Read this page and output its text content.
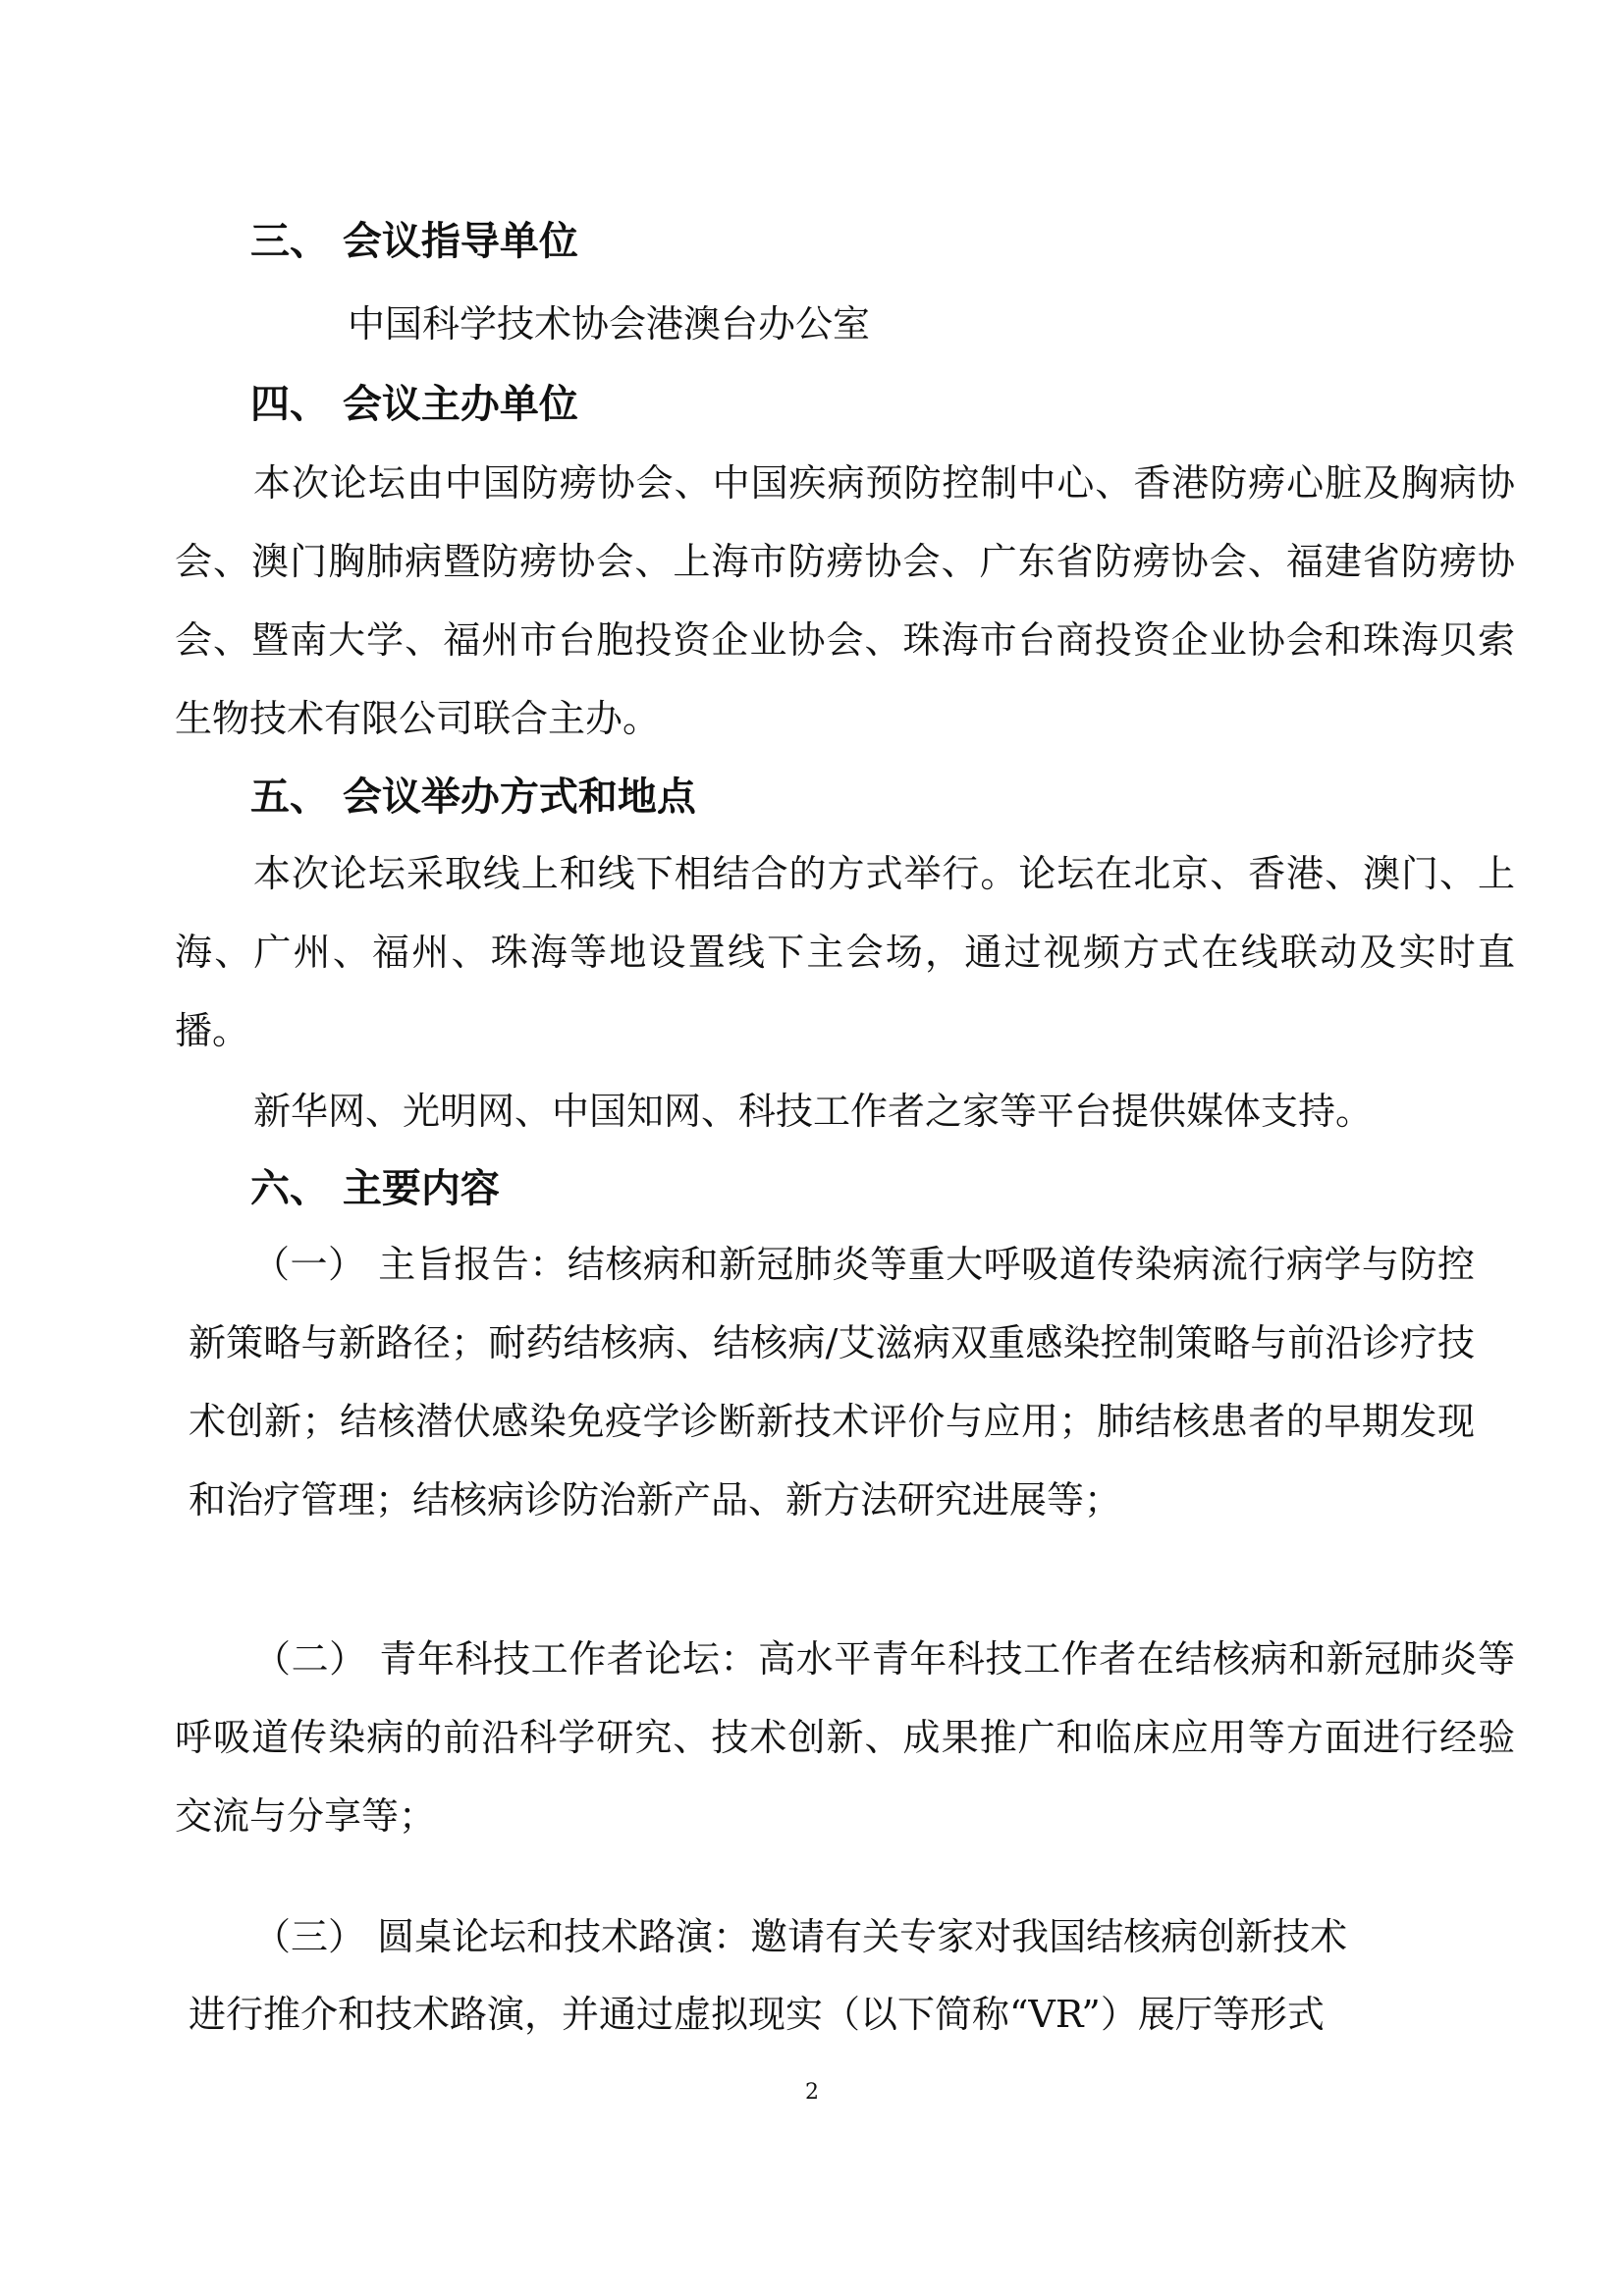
三、 会议指导单位
中国科学技术协会港澳台办公室
四、 会议主办单位
本次论坛由中国防痨协会、中国疾病预防控制中心、香港防痨心脏及胸病协会、澳门胸肺病暨防痨协会、上海市防痨协会、广东省防痨协会、福建省防痨协会、暨南大学、福州市台胞投资企业协会、珠海市台商投资企业协会和珠海贝索生物技术有限公司联合主办。
五、 会议举办方式和地点
本次论坛采取线上和线下相结合的方式举行。论坛在北京、香港、澳门、上海、广州、福州、珠海等地设置线下主会场，通过视频方式在线联动及实时直播。
新华网、光明网、中国知网、科技工作者之家等平台提供媒体支持。
六、 主要内容
（一） 主旨报告：结核病和新冠肺炎等重大呼吸道传染病流行病学与防控新策略与新路径；耐药结核病、结核病/艾滋病双重感染控制策略与前沿诊疗技术创新；结核潜伏感染免疫学诊断新技术评价与应用；肺结核患者的早期发现和治疗管理；结核病诊防治新产品、新方法研究进展等；
（二） 青年科技工作者论坛：高水平青年科技工作者在结核病和新冠肺炎等呼吸道传染病的前沿科学研究、技术创新、成果推广和临床应用等方面进行经验交流与分享等；
（三） 圆桌论坛和技术路演：邀请有关专家对我国结核病创新技术
进行推介和技术路演，并通过虚拟现实（以下简称“VR”）展厅等形式
2
